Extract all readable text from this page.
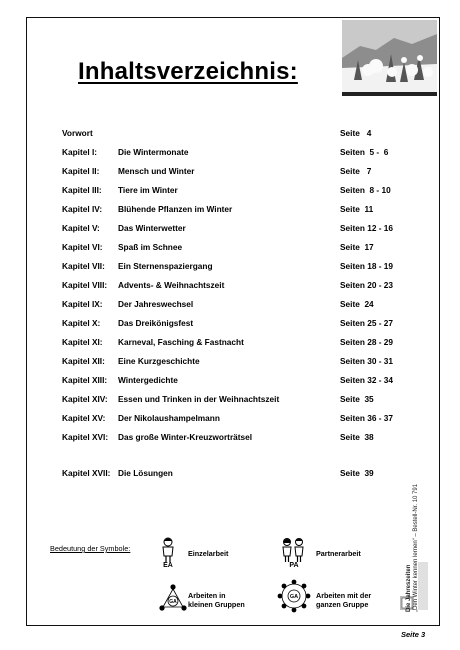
Inhaltsverzeichnis:
Vorwort	Seite   4
Kapitel I:	Die Wintermonate	Seiten  5 -  6
Kapitel II: Mensch und Winter	Seite   7
Kapitel III: Tiere im Winter	Seiten  8 - 10
Kapitel IV: Blühende Pflanzen im Winter	Seite  11
Kapitel V: Das Winterwetter	Seiten 12 - 16
Kapitel VI: Spaß im Schnee	Seite  17
Kapitel VII: Ein Sternenspaziergang	Seiten 18 - 19
Kapitel VIII: Advents- & Weihnachtszeit	Seiten 20 - 23
Kapitel IX: Der Jahreswechsel	Seite  24
Kapitel X: Das Dreikönigsfest	Seiten 25 - 27
Kapitel XI: Karneval, Fasching & Fastnacht	Seiten 28 - 29
Kapitel XII: Eine Kurzgeschichte	Seiten 30 - 31
Kapitel XIII: Wintergedichte	Seiten 32 - 34
Kapitel XIV: Essen und Trinken in der Weihnachtszeit	Seite  35
Kapitel XV: Der Nikolaushampelmann	Seiten 36 - 37
Kapitel XVI: Das große Winter-Kreuzworträtsel	Seite  38
Kapitel XVII: Die Lösungen	Seite  39
Bedeutung der Symbole:
EA
Einzelarbeit
PA
Partnerarbeit
GA
Arbeiten in
kleinen Gruppen
GA Arbeiten mit der
ganzen Gruppe	Die Jahreszeiten „Den Winter kennen lernen“ – Bestell-Nr. 10 791
Seite 3
